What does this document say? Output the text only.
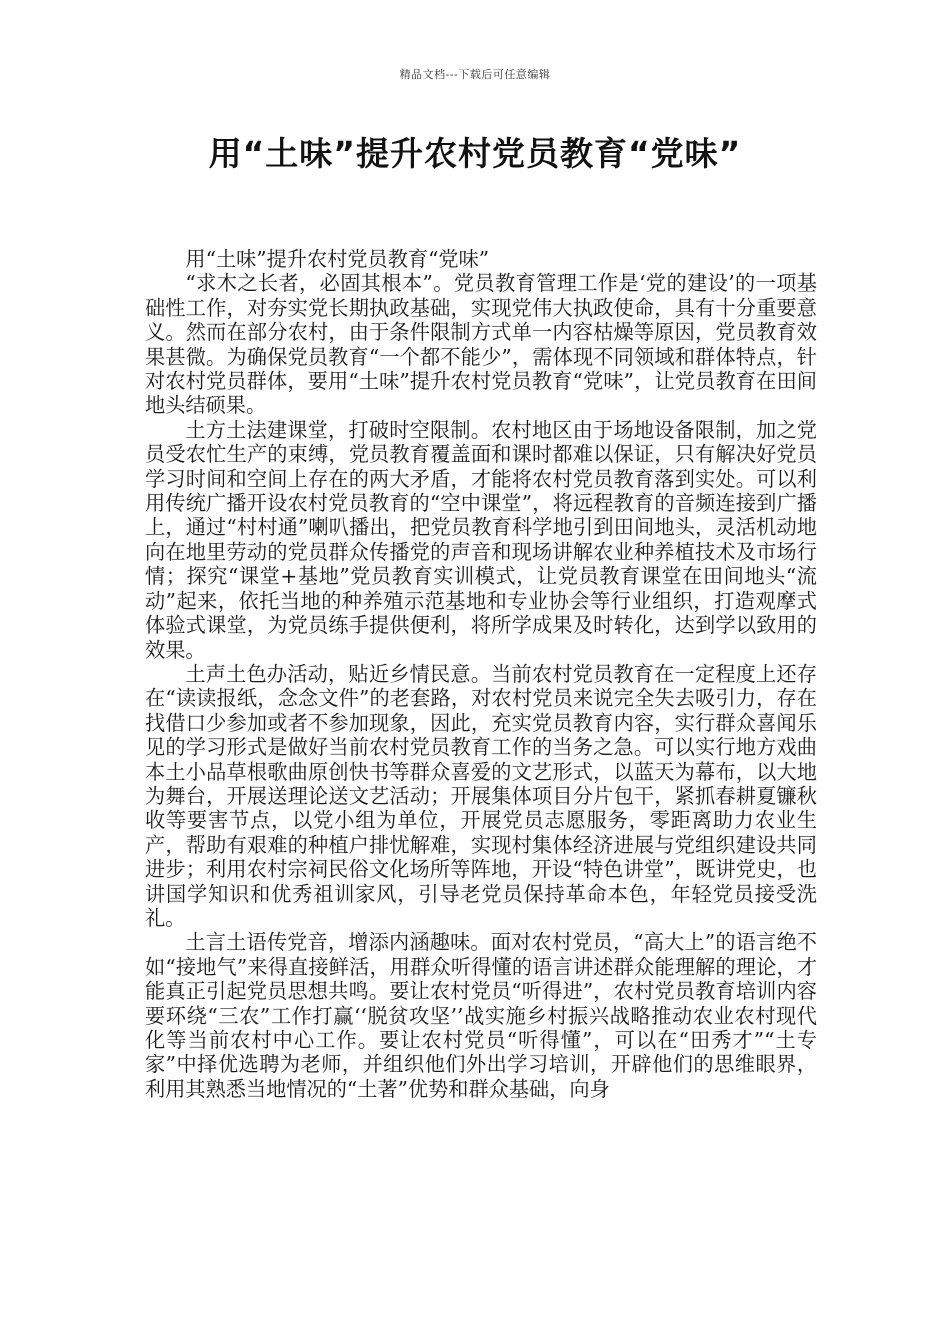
精品文档---下载后可任意编辑
用“土味”提升农村党员教育“党味”

用“土味”提升农村党员教育“党味”

“求木之长者，必固其根本”。党员教育管理工作是‘党的建设’的一项基础性工作，对夯实党长期执政基础，实现党伟大执政使命，具有十分重要意义。然而在部分农村，由于条件限制方式单一内容枯燥等原因，党员教育效果甚微。为确保党员教育“一个都不能少”，需体现不同领域和群体特点，针对农村党员群体，要用“土味”提升农村党员教育“党味”，让党员教育在田间地头结硕果。

土方土法建课堂，打破时空限制。农村地区由于场地设备限制，加之党员受农忙生产的束缚，党员教育覆盖面和课时都难以保证，只有解决好党员学习时间和空间上存在的两大矛盾，才能将农村党员教育落到实处。可以利用传统广播开设农村党员教育的“空中课堂”，将远程教育的音频连接到广播上，通过“村村通”喇叭播出，把党员教育科学地引到田间地头，灵活机动地向在地里劳动的党员群众传播党的声音和现场讲解农业种养植技术及市场行情；探究“课堂+基地”党员教育实训模式，让党员教育课堂在田间地头“流动”起来，依托当地的种养殖示范基地和专业协会等行业组织，打造观摩式体验式课堂，为党员练手提供便利，将所学成果及时转化，达到学以致用的效果。

土声土色办活动，贴近乡情民意。当前农村党员教育在一定程度上还存在“读读报纸，念念文件”的老套路，对农村党员来说完全失去吸引力，存在找借口少参加或者不参加现象，因此，充实党员教育内容，实行群众喜闻乐见的学习形式是做好当前农村党员教育工作的当务之急。可以实行地方戏曲本土小品草根歌曲原创快书等群众喜爱的文艺形式，以蓝天为幕布，以大地为舞台，开展送理论送文艺活动；开展集体项目分片包干，紧抓春耕夏镰秋收等要害节点，以党小组为单位，开展党员志愿服务，零距离助力农业生产，帮助有艰难的种植户排忧解难，实现村集体经济进展与党组织建设共同进步；利用农村宗祠民俗文化场所等阵地，开设“特色讲堂”，既讲党史，也讲国学知识和优秀祖训家风，引导老党员保持革命本色，年轻党员接受洗礼。

土言土语传党音，增添内涵趣味。面对农村党员，“高大上”的语言绝不如“接地气”来得直接鲜活，用群众听得懂的语言讲述群众能理解的理论，才能真正引起党员思想共鸣。要让农村党员“听得进”，农村党员教育培训内容要环绕“三农”工作打赢‘‘脱贫攻坚’’战实施乡村振兴战略推动农业农村现代化等当前农村中心工作。要让农村党员“听得懂”，可以在“田秀才”“土专家”中择优选聘为老师，并组织他们外出学习培训，开辟他们的思维眼界，利用其熟悉当地情况的“土著”优势和群众基础，向身
